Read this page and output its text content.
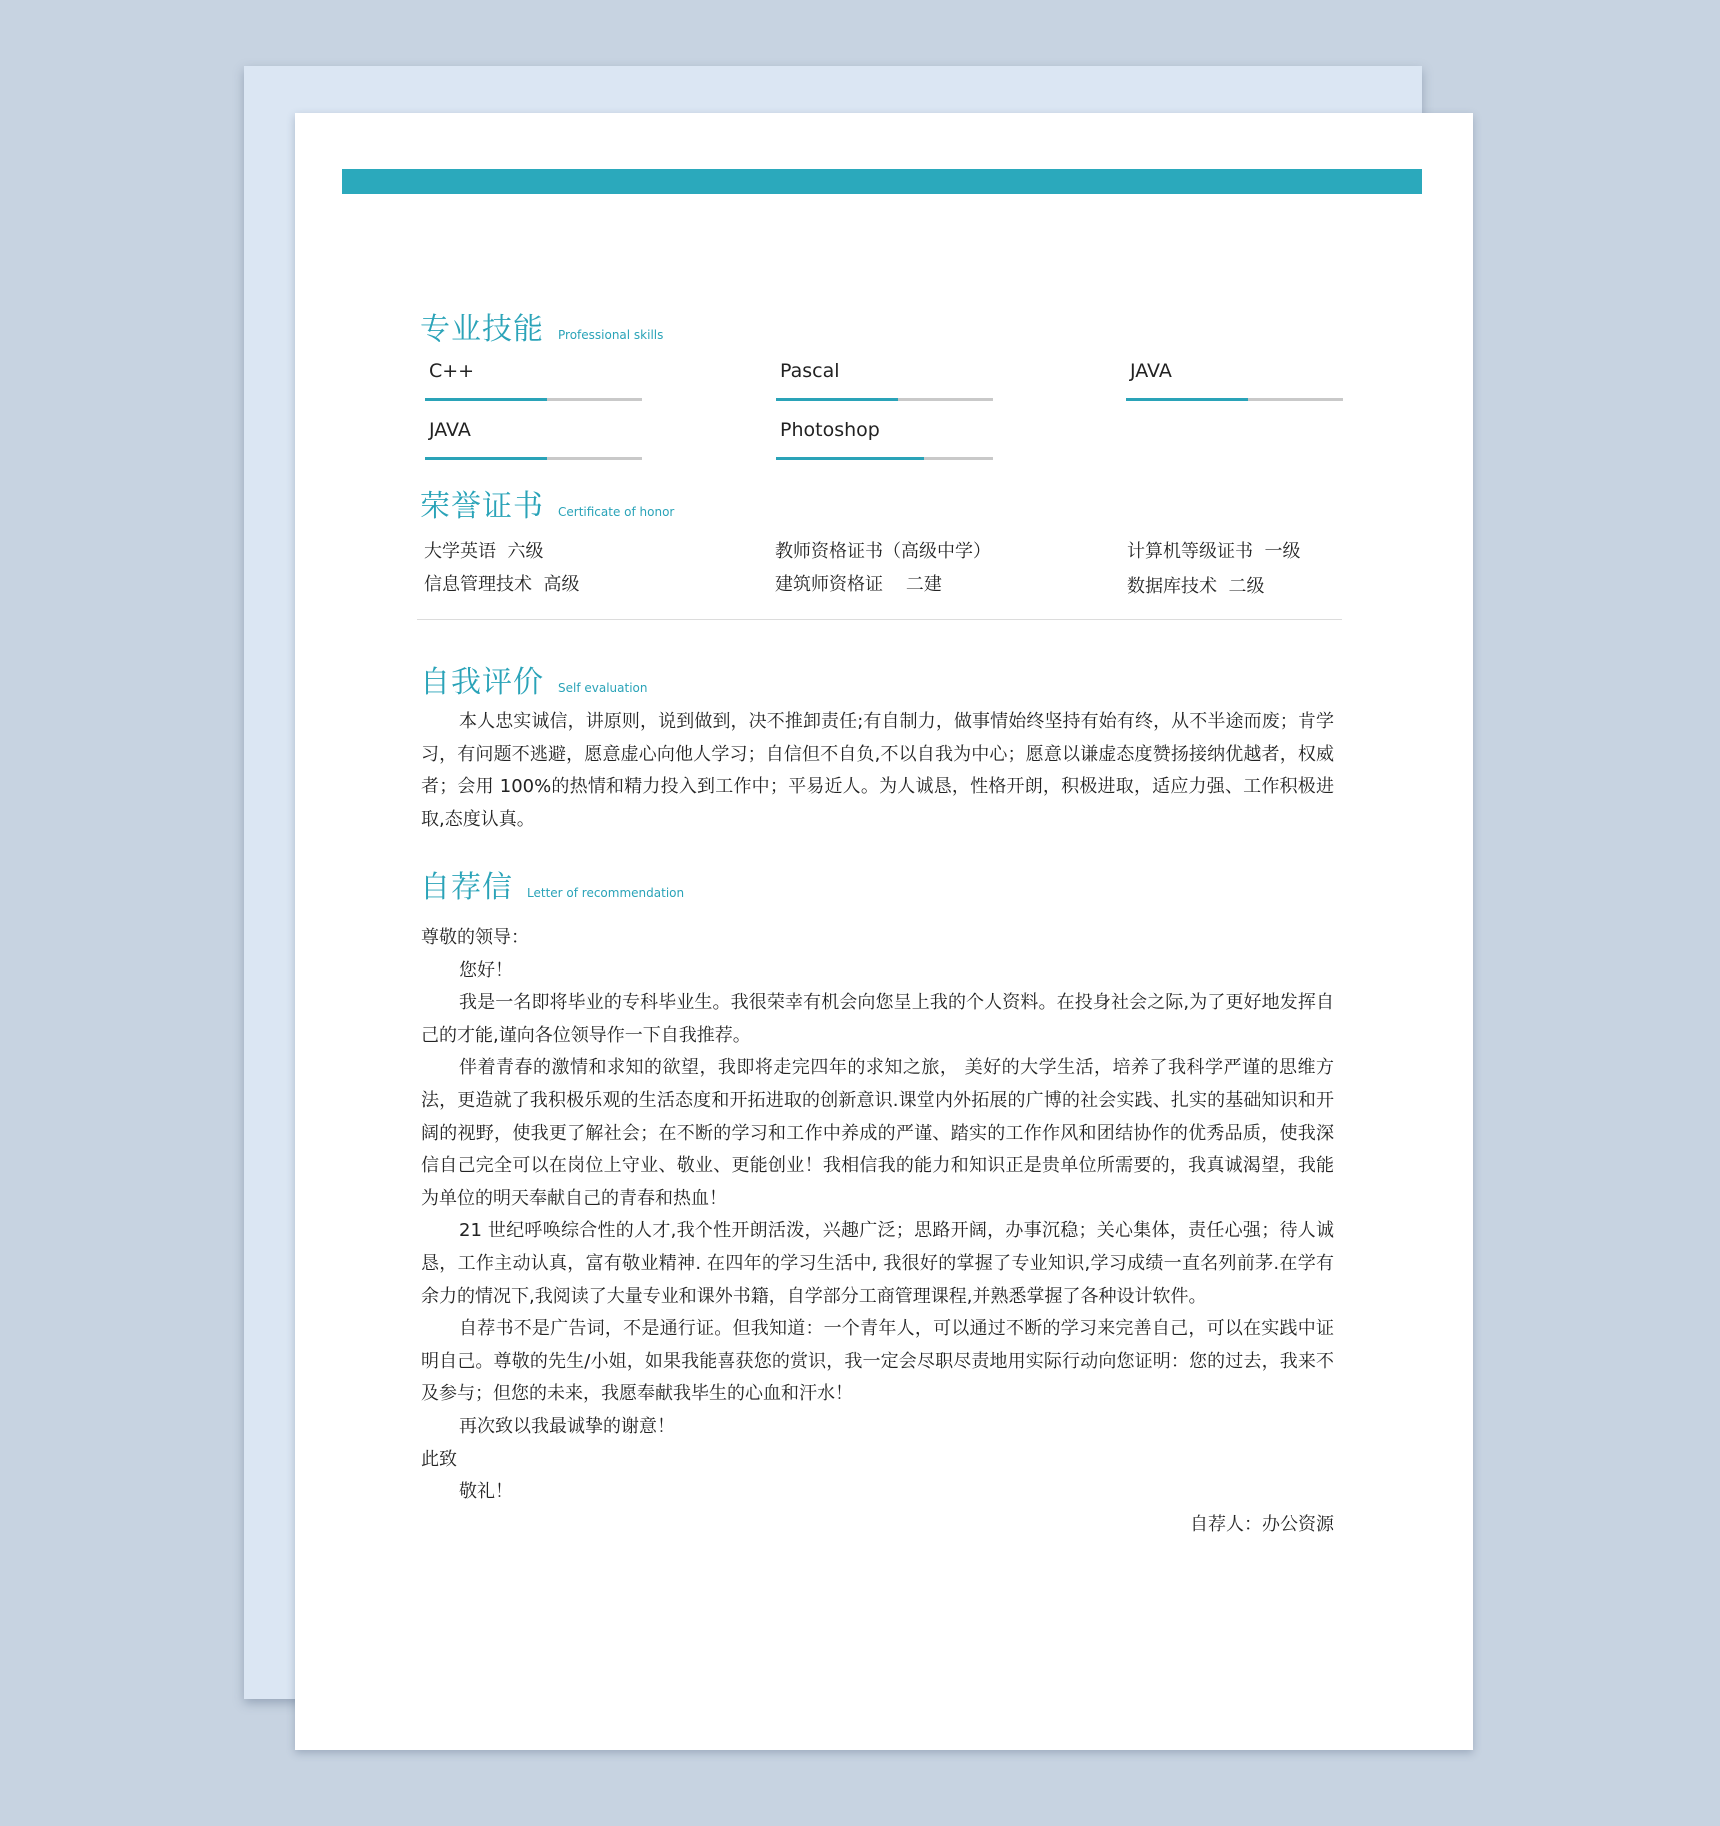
专业技能 Professional skills
C++	Pascal	JAVA
JAVA	Photoshop
荣誉证书 Certificate of honor
大学英语  六级	教师资格证书（高级中学）	计算机等级证书  一级
信息管理技术  高级	建筑师资格证    二建	数据库技术  二级
自我评价 Self evaluation

本人忠实诚信，讲原则，说到做到，决不推卸责任;有自制力，做事情始终坚持有始有终，从不半途而废；肯学习，有问题不逃避，愿意虚心向他人学习；自信但不自负,不以自我为中心；愿意以谦虚态度赞扬接纳优越者，权威者；会用 100%的热情和精力投入到工作中；平易近人。为人诚恳，性格开朗，积极进取，适应力强、工作积极进取,态度认真。

自荐信 Letter of recommendation

尊敬的领导：

您好！

我是一名即将毕业的专科毕业生。我很荣幸有机会向您呈上我的个人资料。在投身社会之际,为了更好地发挥自己的才能,谨向各位领导作一下自我推荐。

伴着青春的激情和求知的欲望，我即将走完四年的求知之旅， 美好的大学生活，培养了我科学严谨的思维方法，更造就了我积极乐观的生活态度和开拓进取的创新意识.课堂内外拓展的广博的社会实践、扎实的基础知识和开阔的视野，使我更了解社会；在不断的学习和工作中养成的严谨、踏实的工作作风和团结协作的优秀品质，使我深信自己完全可以在岗位上守业、敬业、更能创业！我相信我的能力和知识正是贵单位所需要的，我真诚渴望，我能为单位的明天奉献自己的青春和热血！

21 世纪呼唤综合性的人才,我个性开朗活泼，兴趣广泛；思路开阔，办事沉稳；关心集体，责任心强；待人诚恳，工作主动认真，富有敬业精神. 在四年的学习生活中, 我很好的掌握了专业知识,学习成绩一直名列前茅.在学有余力的情况下,我阅读了大量专业和课外书籍，自学部分工商管理课程,并熟悉掌握了各种设计软件。

自荐书不是广告词，不是通行证。但我知道：一个青年人，可以通过不断的学习来完善自己，可以在实践中证明自己。尊敬的先生/小姐，如果我能喜获您的赏识，我一定会尽职尽责地用实际行动向您证明：您的过去，我来不及参与；但您的未来，我愿奉献我毕生的心血和汗水！

再次致以我最诚挚的谢意！

此致

敬礼！

自荐人：办公资源
